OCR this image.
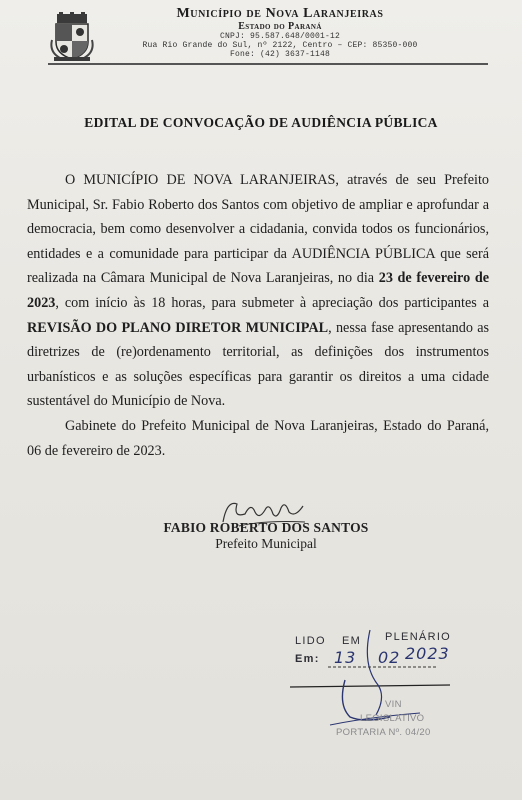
Município de Nova Laranjeiras
Estado do Paraná
CNPJ: 95.587.648/0001-12
Rua Rio Grande do Sul, nº 2122, Centro – CEP: 85350-000
Fone: (42) 3637-1148
EDITAL DE CONVOCAÇÃO DE AUDIÊNCIA PÚBLICA

O MUNICÍPIO DE NOVA LARANJEIRAS, através de seu Prefeito Municipal, Sr. Fabio Roberto dos Santos com objetivo de ampliar e aprofundar a democracia, bem como desenvolver a cidadania, convida todos os funcionários, entidades e a comunidade para participar da AUDIÊNCIA PÚBLICA que será realizada na Câmara Municipal de Nova Laranjeiras, no dia 23 de fevereiro de 2023, com início às 18 horas, para submeter à apreciação dos participantes a REVISÃO DO PLANO DIRETOR MUNICIPAL, nessa fase apresentando as diretrizes de (re)ordenamento territorial, as definições dos instrumentos urbanísticos e as soluções específicas para garantir os direitos a uma cidade sustentável do Município de Nova.

Gabinete do Prefeito Municipal de Nova Laranjeiras, Estado do Paraná, 06 de fevereiro de 2023.

FABIO ROBERTO DOS SANTOS
Prefeito Municipal
LIDO EM PLENÁRIO
Em: 13 02 2023
VIN
LEGISLATIVO
PORTARIA Nº. 04/20
